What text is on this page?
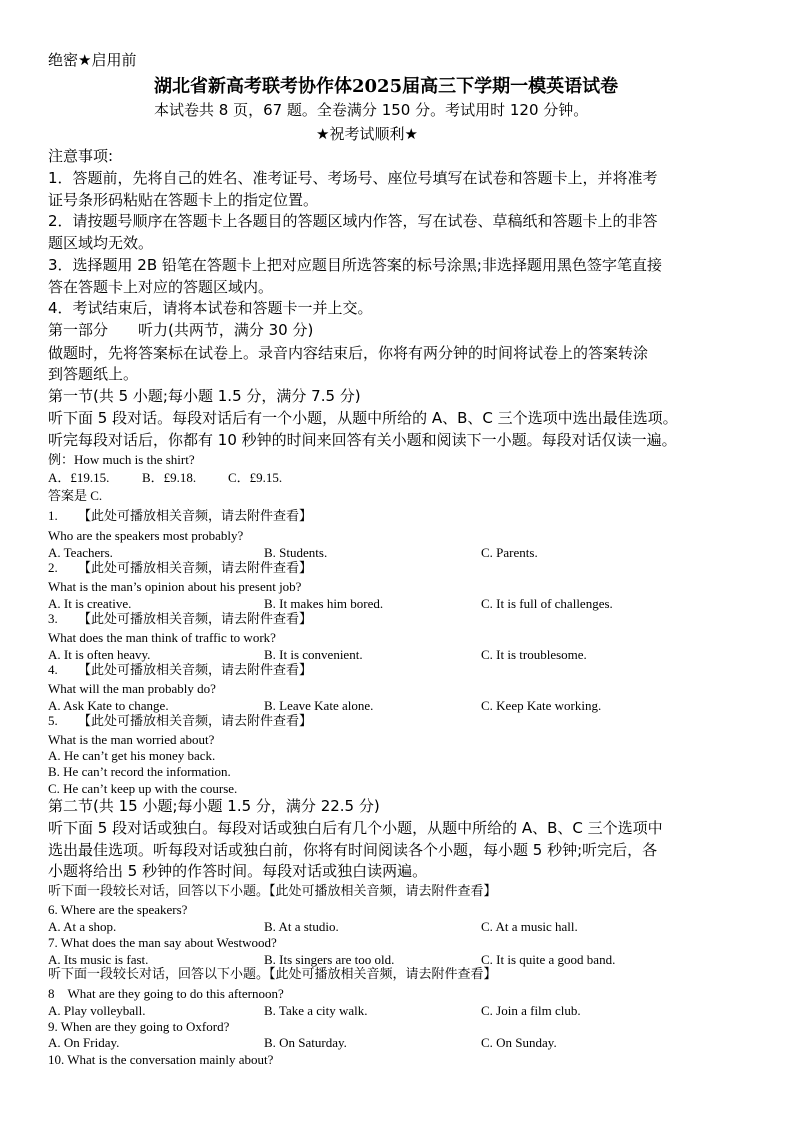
绝密★启用前
湖北省新高考联考协作体2025届高三下学期一模英语试卷
本试卷共 8 页，67 题。全卷满分 150 分。考试用时 120 分钟。
★祝考试顺利★
注意事项:
1．答题前，先将自己的姓名、准考证号、考场号、座位号填写在试卷和答题卡上，并将准考
证号条形码粘贴在答题卡上的指定位置。
2．请按题号顺序在答题卡上各题目的答题区域内作答，写在试卷、草稿纸和答题卡上的非答
题区域均无效。
3．选择题用 2B 铅笔在答题卡上把对应题目所选答案的标号涂黑;非选择题用黑色签字笔直接
答在答题卡上对应的答题区域内。
4．考试结束后，请将本试卷和答题卡一并上交。
第一部分　　听力(共两节，满分 30 分)
做题时，先将答案标在试卷上。录音内容结束后，你将有两分钟的时间将试卷上的答案转涂
到答题纸上。
第一节(共 5 小题;每小题 1.5 分，满分 7.5 分)
听下面 5 段对话。每段对话后有一个小题，从题中所给的 A、B、C 三个选项中选出最佳选项。
听完每段对话后，你都有 10 秒钟的时间来回答有关小题和阅读下一小题。每段对话仅读一遍。
例：How much is the shirt?
A．£19.15.	B．£9.18. C．£9.15.
答案是 C.
1. 【此处可播放相关音频，请去附件查看】
Who are the speakers most probably?
A. Teachers.	B. Students.	C. Parents.
2. 【此处可播放相关音频，请去附件查看】
What is the man’s opinion about his present job?
A. It is creative.	B. It makes him bored.	C. It is full of challenges.
3. 【此处可播放相关音频，请去附件查看】
What does the man think of traffic to work?
A. It is often heavy.	B. It is convenient.	C. It is troublesome.
4. 【此处可播放相关音频，请去附件查看】
What will the man probably do?
A. Ask Kate to change.	B. Leave Kate alone.	C. Keep Kate working.
5. 【此处可播放相关音频，请去附件查看】
What is the man worried about?
A. He can’t get his money back.
B. He can’t record the information.
C. He can’t keep up with the course.
第二节(共 15 小题;每小题 1.5 分，满分 22.5 分)
听下面 5 段对话或独白。每段对话或独白后有几个小题，从题中所给的 A、B、C 三个选项中
选出最佳选项。听每段对话或独白前，你将有时间阅读各个小题，每小题 5 秒钟;听完后，各
小题将给出 5 秒钟的作答时间。每段对话或独白读两遍。
听下面一段较长对话，回答以下小题。【此处可播放相关音频，请去附件查看】
6. Where are the speakers?
A. At a shop.	B. At a studio.	C. At a music hall.
7. What does the man say about Westwood?
A. Its music is fast.	B. Its singers are too old.	C. It is quite a good band.
听下面一段较长对话，回答以下小题。【此处可播放相关音频，请去附件查看】
8　What are they going to do this afternoon?
A. Play volleyball.	B. Take a city walk.	C. Join a film club.
9. When are they going to Oxford?
A. On Friday.	B. On Saturday.	C. On Sunday.
10. What is the conversation mainly about?
